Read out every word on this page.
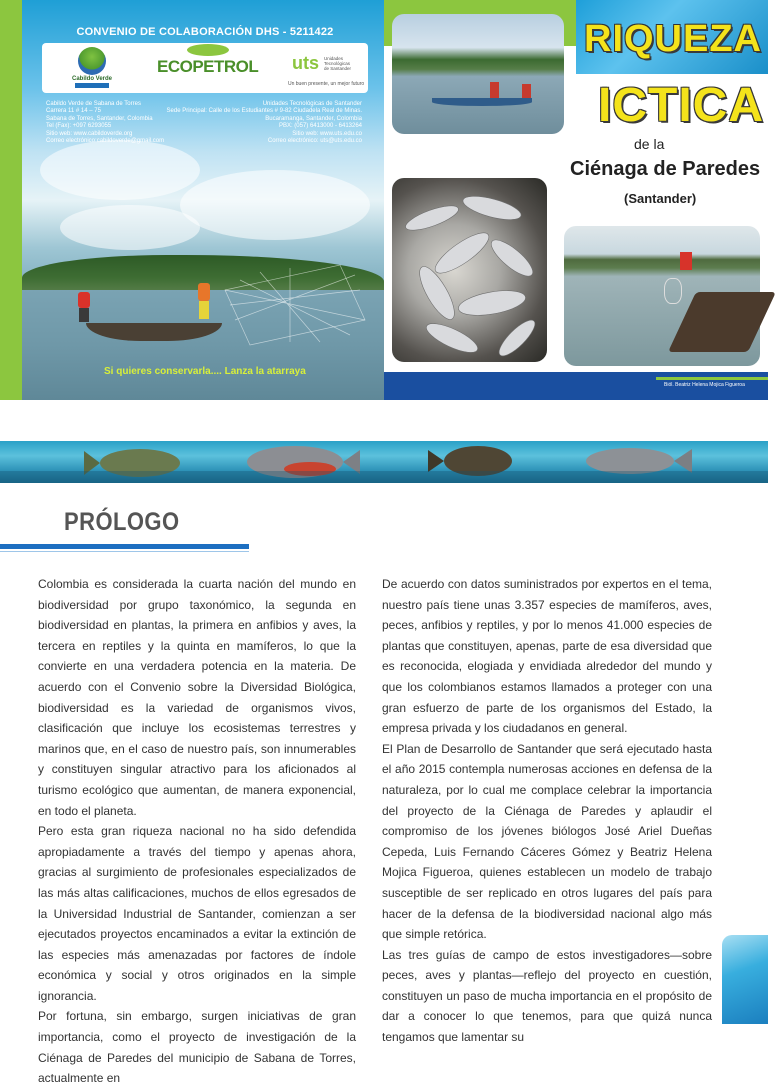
CONVENIO DE COLABORACIÓN DHS - 5211422
Cabildo Verde
ECOPETROL uts Unidades Tecnológicas de Santander
Un buen presente, un mejor futuro
Cabildo Verde de Sabana de Torres
Carrera 11 # 14 – 75
Sabana de Torres, Santander, Colombia
Tel (Fax): +097 6293055
Sitio web: www.cabildoverde.org
Correo electrónico:cabildoverde@gmail.com
Unidades Tecnológicas de Santander
Sede Principal: Calle de los Estudiantes # 9-82 Ciudadela Real de Minas.
Bucaramanga, Santander, Colombia
PBX: (057) 6413000 - 6413264
Sitio web: www.uts.edu.co
Correo electrónico: uts@uts.edu.co
Si quieres conservarla.... Lanza la atarraya
RIQUEZA
ICTICA
de la
Ciénaga de Paredes
(Santander)
Biól. Beatriz Helena Mojica Figueroa
PRÓLOGO

Colombia es considerada la cuarta nación del mundo en biodiversidad por grupo taxonómico, la segunda en biodiversidad en plantas, la primera en anfibios y aves, la tercera en reptiles y la quinta en mamíferos, lo que la convierte en una verdadera potencia en la materia. De acuerdo con el Convenio sobre la Diversidad Biológica, biodiversidad es la variedad de organismos vivos, clasificación que incluye los ecosistemas terrestres y marinos que, en el caso de nuestro país, son innumerables y constituyen singular atractivo para los aficionados al turismo ecológico que aumentan, de manera exponencial, en todo el planeta.

Pero esta gran riqueza nacional no ha sido defendida apropiadamente a través del tiempo y apenas ahora, gracias al surgimiento de profesionales especializados de las más altas calificaciones, muchos de ellos egresados de la Universidad Industrial de Santander, comienzan a ser ejecutados proyectos encaminados a evitar la extinción de las especies más amenazadas por factores de índole económica y social y otros originados en la simple ignorancia.

Por fortuna, sin embargo, surgen iniciativas de gran importancia, como el proyecto de investigación de la Ciénaga de Paredes del municipio de Sabana de Torres, actualmente en

De acuerdo con datos suministrados por expertos en el tema, nuestro país tiene unas 3.357 especies de mamíferos, aves, peces, anfibios y reptiles, y por lo menos 41.000 especies de plantas que constituyen, apenas, parte de esa diversidad que es reconocida, elogiada y envidiada alrededor del mundo y que los colombianos estamos llamados a proteger con una gran esfuerzo de parte de los organismos del Estado, la empresa privada y los ciudadanos en general.

El Plan de Desarrollo de Santander que será ejecutado hasta el año 2015 contempla numerosas acciones en defensa de la naturaleza, por lo cual me complace celebrar la importancia del proyecto de la Ciénaga de Paredes y aplaudir el compromiso de los jóvenes biólogos José Ariel Dueñas Cepeda, Luis Fernando Cáceres Gómez y Beatriz Helena Mojica Figueroa, quienes establecen un modelo de trabajo susceptible de ser replicado en otros lugares del país para hacer de la defensa de la biodiversidad nacional algo más que simple retórica.

Las tres guías de campo de estos investigadores—sobre peces, aves y plantas—reflejo del proyecto en cuestión, constituyen un paso de mucha importancia en el propósito de dar a conocer lo que tenemos, para que quizá nunca tengamos que lamentar su
